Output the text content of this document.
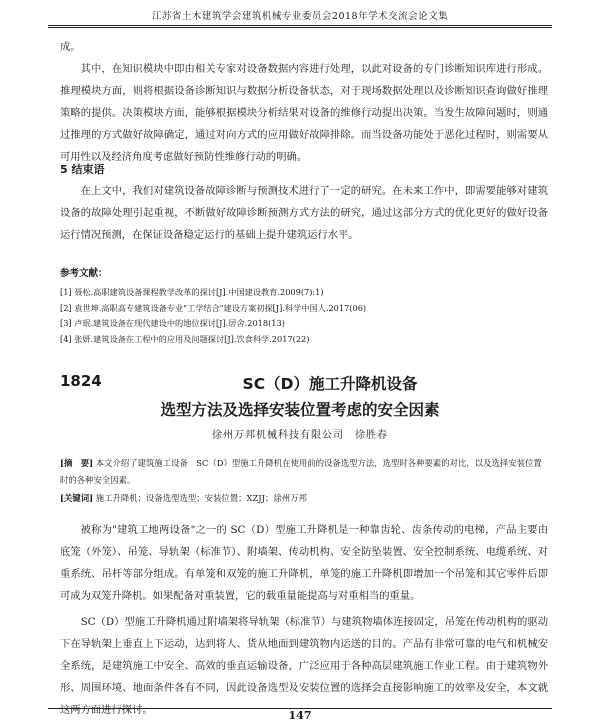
江苏省土木建筑学会建筑机械专业委员会2018年学术交流会论文集
成。
其中，在知识模块中即由相关专家对设备数据内容进行处理，以此对设备的专门诊断知识库进行形成。推理模块方面，则将根据设备诊断知识与数据分析设备状态，对于现场数据处理以及诊断知识查询做好推理策略的提供。决策模块方面，能够根据模块分析结果对设备的维修行动提出决策。当发生故障问题时，则通过推理的方式做好故障确定，通过对向方式的应用做好故障排除。而当设备功能处于恶化过程时，则需要从可用性以及经济角度考虑做好预防性维修行动的明确。
5 结束语
在上文中，我们对建筑设备故障诊断与预测技术进行了一定的研究。在未来工作中，即需要能够对建筑设备的故障处理引起重视，不断做好故障诊断预测方式方法的研究，通过这部分方式的优化更好的做好设备运行情况预测，在保证设备稳定运行的基础上提升建筑运行水平。
参考文献：
[1] 聂松.高职建筑设备课程教学改革的探讨[J].中国建设教育.2009(7):1)
[2] 袁世坤.高职高专建筑设备专业"工学结合"建设方案初探[J].科学中国人.2017(06)
[3] 卢珉.建筑设备在现代建设中的地位探讨[J].居舍.2018(13)
[4] 张妍.建筑设备在工程中的应用及问题探讨[J].饮食科学.2017(22)
1824	SC（D）施工升降机设备
选型方法及选择安装位置考虑的安全因素
徐州万邦机械科技有限公司　徐胜春
[摘　要] 本文介绍了建筑施工设备　SC（D）型施工升降机在使用前的设备选型方法，选型时各种要素的对比，以及选择安装位置时的各种安全因素。
[关键词] 施工升降机；设备选型选型；安装位置；XZJJ；徐州万邦
被称为"建筑工地两设备"之一的 SC（D）型施工升降机是一种靠齿轮、齿条传动的电梯，产品主要由底笼（外笼）、吊笼、导轨架（标准节）、附墙架、传动机构、安全防坠装置、安全控制系统、电缆系统、对重系统、吊杆等部分组成。有单笼和双笼的施工升降机，单笼的施工升降机即增加一个吊笼和其它零件后即可成为双笼升降机。如果配备对重装置，它的载重量能提高与对重相当的重量。
SC（D）型施工升降机通过附墙架将导轨架（标准节）与建筑物墙体连接固定，吊笼在传动机构的驱动下在导轨架上垂直上下运动，达到将人、货从地面到建筑物内运送的目的。产品有非常可靠的电气和机械安全系统，是建筑施工中安全、高效的垂直运输设备，广泛应用于各种高层建筑施工作业工程。由于建筑物外形、周围环境、地面条件各有不同，因此设备选型及安装位置的选择会直接影响施工的效率及安全，本文就这两方面进行探讨。	147
